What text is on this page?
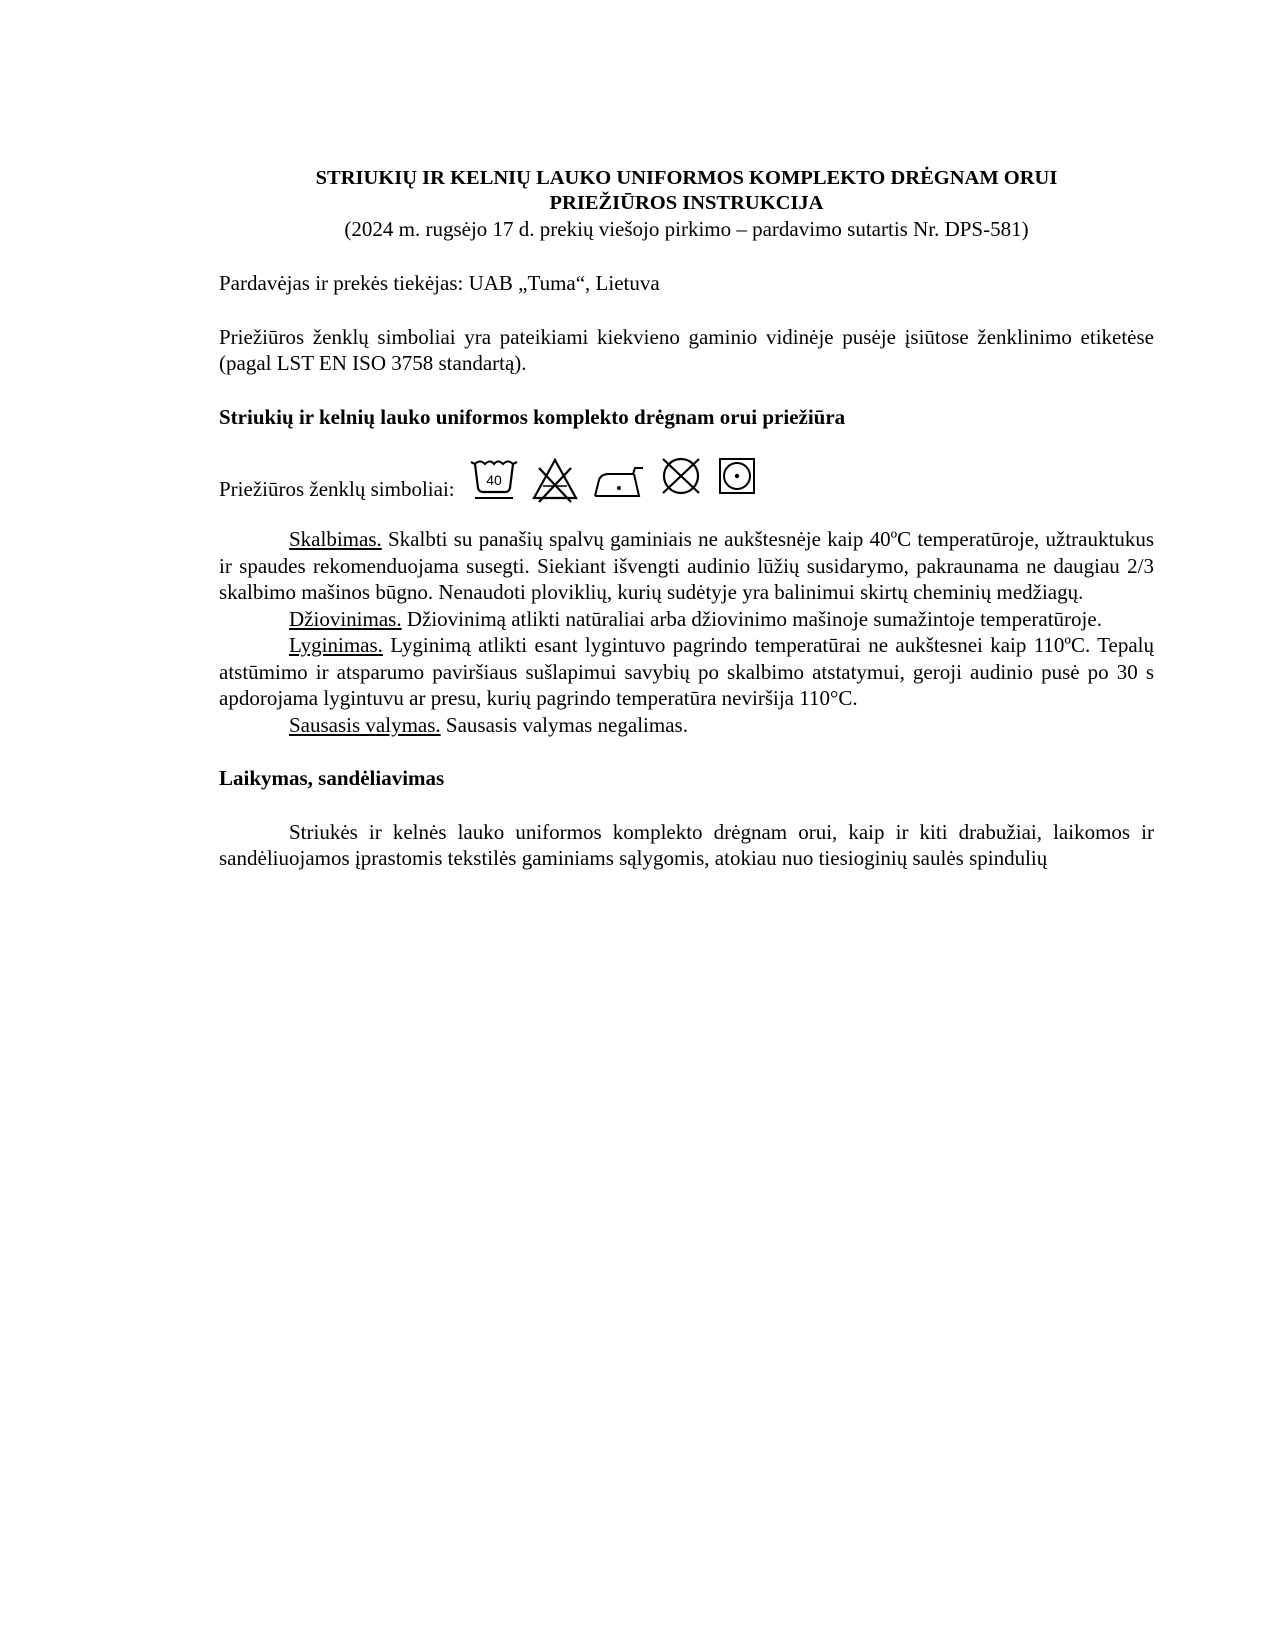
STRIUKIŲ IR KELNIŲ LAUKO UNIFORMOS KOMPLEKTO DRĖGNAM ORUI
PRIEŽIŪROS INSTRUKCIJA
(2024 m. rugsėjo 17 d. prekių viešojo pirkimo – pardavimo sutartis Nr. DPS-581)

Pardavėjas ir prekės tiekėjas: UAB „Tuma“, Lietuva

Priežiūros ženklų simboliai yra pateikiami kiekvieno gaminio vidinėje pusėje įsiūtose ženklinimo etiketėse (pagal LST EN ISO 3758 standartą).

Striukių ir kelnių lauko uniformos komplekto drėgnam orui priežiūra

Priežiūros ženklų simboliai: 40

Skalbimas. Skalbti su panašių spalvų gaminiais ne aukštesnėje kaip 40ºC temperatūroje, užtrauktukus ir spaudes rekomenduojama susegti. Siekiant išvengti audinio lūžių susidarymo, pakraunama ne daugiau 2/3 skalbimo mašinos būgno. Nenaudoti ploviklių, kurių sudėtyje yra balinimui skirtų cheminių medžiagų.

Džiovinimas. Džiovinimą atlikti natūraliai arba džiovinimo mašinoje sumažintoje temperatūroje.

Lyginimas. Lyginimą atlikti esant lygintuvo pagrindo temperatūrai ne aukštesnei kaip 110ºC. Tepalų atstūmimo ir atsparumo paviršiaus sušlapimui savybių po skalbimo atstatymui, geroji audinio pusė po 30 s apdorojama lygintuvu ar presu, kurių pagrindo temperatūra neviršija 110°C.

Sausasis valymas. Sausasis valymas negalimas.

Laikymas, sandėliavimas

Striukės ir kelnės lauko uniformos komplekto drėgnam orui, kaip ir kiti drabužiai, laikomos ir sandėliuojamos įprastomis tekstilės gaminiams sąlygomis, atokiau nuo tiesioginių saulės spindulių
